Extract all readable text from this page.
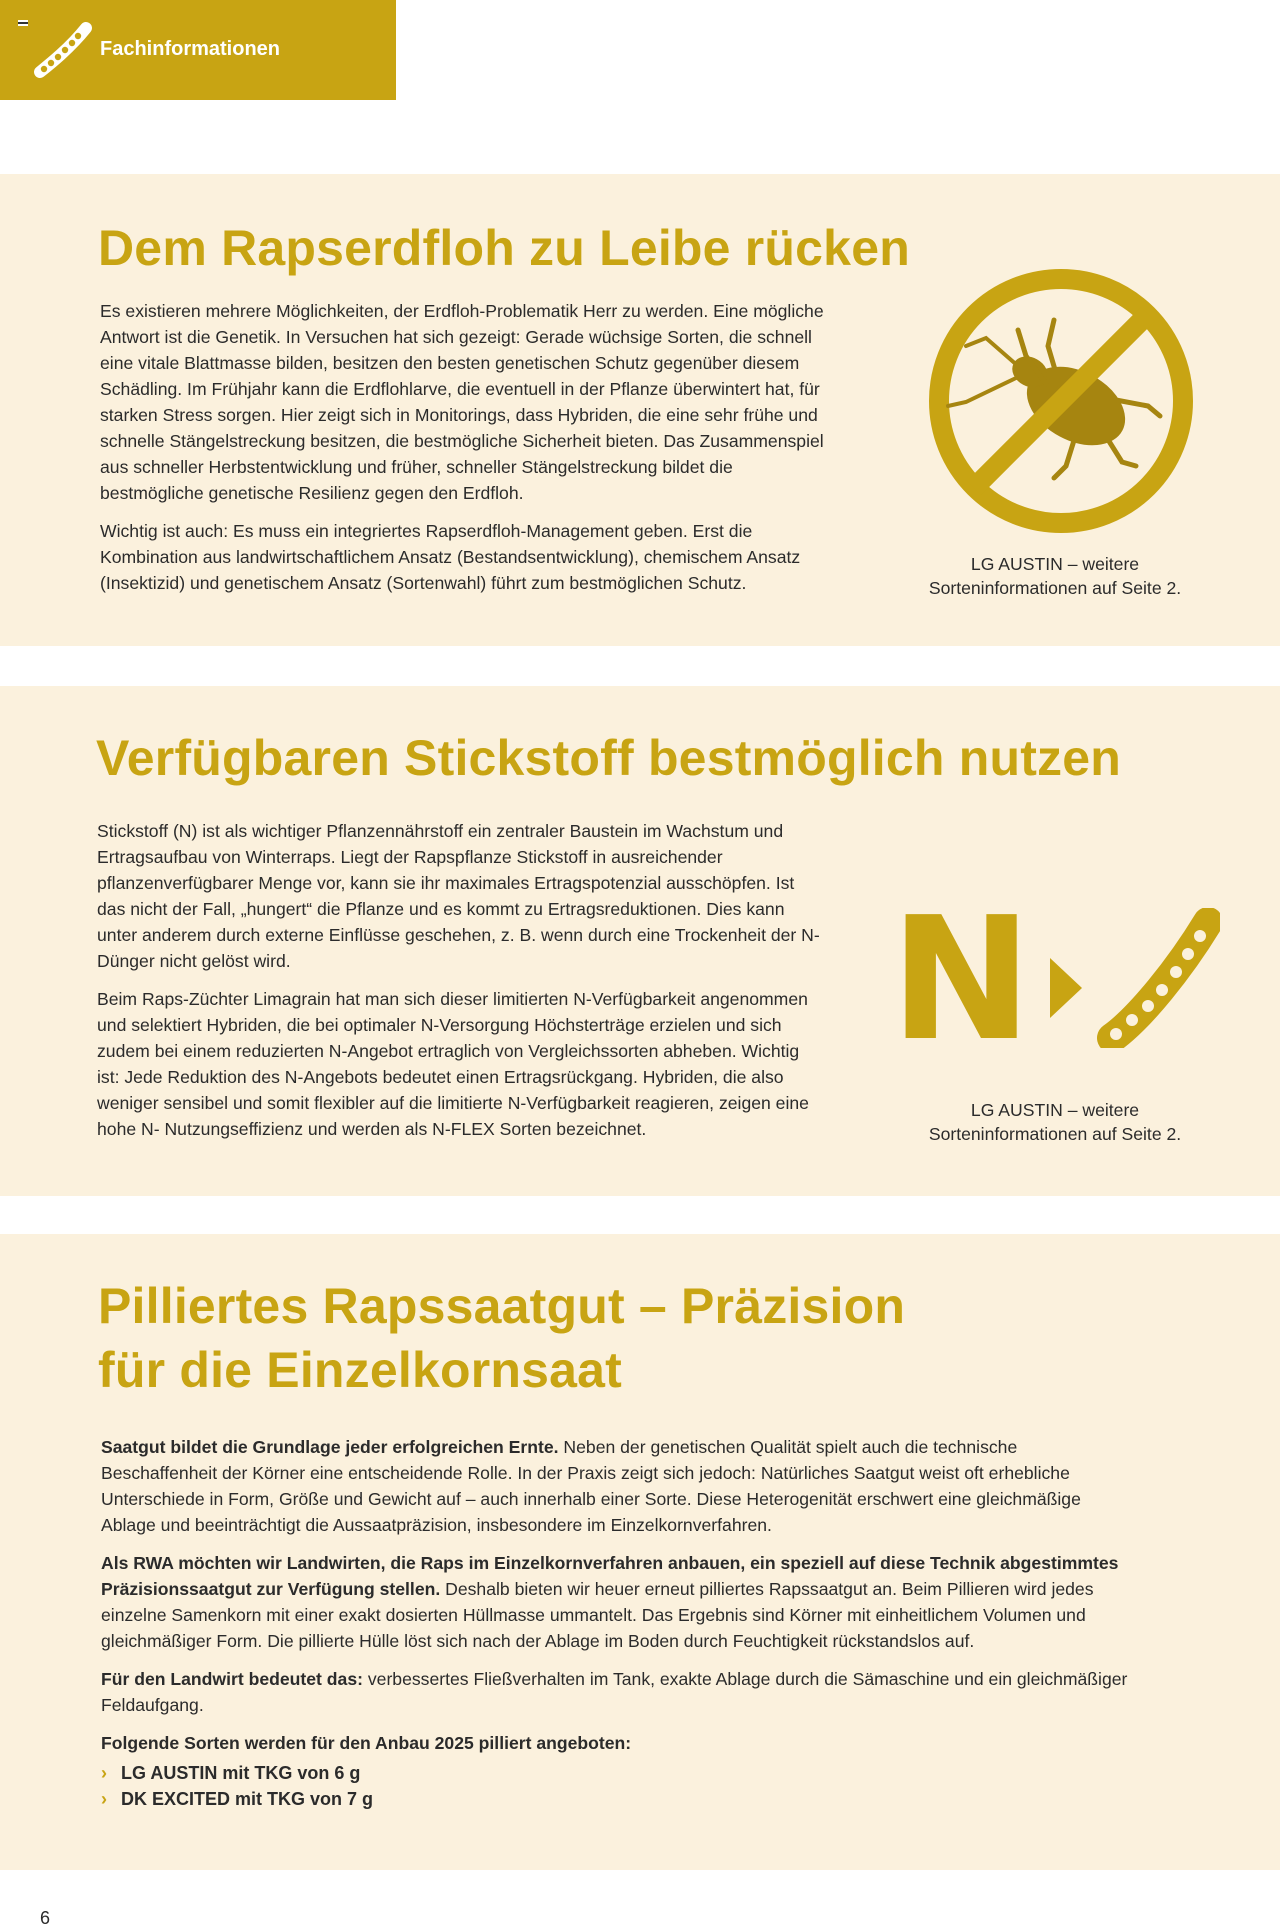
Fachinformationen
Dem Rapserdfloh zu Leibe rücken

Es existieren mehrere Möglichkeiten, der Erdfloh-Problematik Herr zu werden. Eine mögliche Antwort ist die Genetik. In Versuchen hat sich gezeigt: Gerade wüchsige Sorten, die schnell eine vitale Blattmasse bilden, besitzen den besten genetischen Schutz gegenüber diesem Schädling. Im Frühjahr kann die Erdflohlarve, die eventuell in der Pflanze überwintert hat, für starken Stress sorgen. Hier zeigt sich in Monitorings, dass Hybriden, die eine sehr frühe und schnelle Stängelstreckung besitzen, die bestmögliche Sicherheit bieten. Das Zusammenspiel aus schneller Herbstentwicklung und früher, schneller Stängelstreckung bildet die bestmögliche genetische Resilienz gegen den Erdfloh.

Wichtig ist auch: Es muss ein integriertes Rapserdfloh-Management geben. Erst die Kombination aus landwirtschaftlichem Ansatz (Bestandsentwicklung), chemischem Ansatz (Insektizid) und genetischem Ansatz (Sortenwahl) führt zum bestmöglichen Schutz.

LG AUSTIN – weitere
Sorteninformationen auf Seite 2.
Verfügbaren Stickstoff bestmöglich nutzen

Stickstoff (N) ist als wichtiger Pflanzennährstoff ein zentraler Baustein im Wachstum und Ertragsaufbau von Winterraps. Liegt der Rapspflanze Stickstoff in ausreichender pflanzenverfügbarer Menge vor, kann sie ihr maximales Ertragspotenzial ausschöpfen. Ist das nicht der Fall, „hungert“ die Pflanze und es kommt zu Ertragsreduktionen. Dies kann unter anderem durch externe Einflüsse geschehen, z. B. wenn durch eine Trockenheit der N-Dünger nicht gelöst wird.

Beim Raps-Züchter Limagrain hat man sich dieser limitierten N-Verfügbarkeit angenommen und selektiert Hybriden, die bei optimaler N-Versorgung Höchsterträge erzielen und sich zudem bei einem reduzierten N-Angebot ertraglich von Vergleichssorten abheben. Wichtig ist: Jede Reduktion des N-Angebots bedeutet einen Ertragsrückgang. Hybriden, die also weniger sensibel und somit flexibler auf die limitierte N-Verfügbarkeit reagieren, zeigen eine hohe N- Nutzungseffizienz und werden als N-FLEX Sorten bezeichnet.

N
LG AUSTIN – weitere
Sorteninformationen auf Seite 2.
Pilliertes Rapssaatgut – Präzision
für die Einzelkornsaat

Saatgut bildet die Grundlage jeder erfolgreichen Ernte. Neben der genetischen Qualität spielt auch die technische Beschaffenheit der Körner eine entscheidende Rolle. In der Praxis zeigt sich jedoch: Natürliches Saatgut weist oft erhebliche Unterschiede in Form, Größe und Gewicht auf – auch innerhalb einer Sorte. Diese Heterogenität erschwert eine gleichmäßige Ablage und beeinträchtigt die Aussaatpräzision, insbesondere im Einzelkornverfahren.

Als RWA möchten wir Landwirten, die Raps im Einzelkornverfahren anbauen, ein speziell auf diese Technik abgestimmtes Präzisionssaatgut zur Verfügung stellen. Deshalb bieten wir heuer erneut pilliertes Rapssaatgut an. Beim Pillieren wird jedes einzelne Samenkorn mit einer exakt dosierten Hüllmasse ummantelt. Das Ergebnis sind Körner mit einheitlichem Volumen und gleichmäßiger Form. Die pillierte Hülle löst sich nach der Ablage im Boden durch Feuchtigkeit rückstandslos auf.

Für den Landwirt bedeutet das: verbessertes Fließverhalten im Tank, exakte Ablage durch die Sämaschine und ein gleichmäßiger Feldaufgang.

Folgende Sorten werden für den Anbau 2025 pilliert angeboten:

› LG AUSTIN mit TKG von 6 g
› DK EXCITED mit TKG von 7 g
6
